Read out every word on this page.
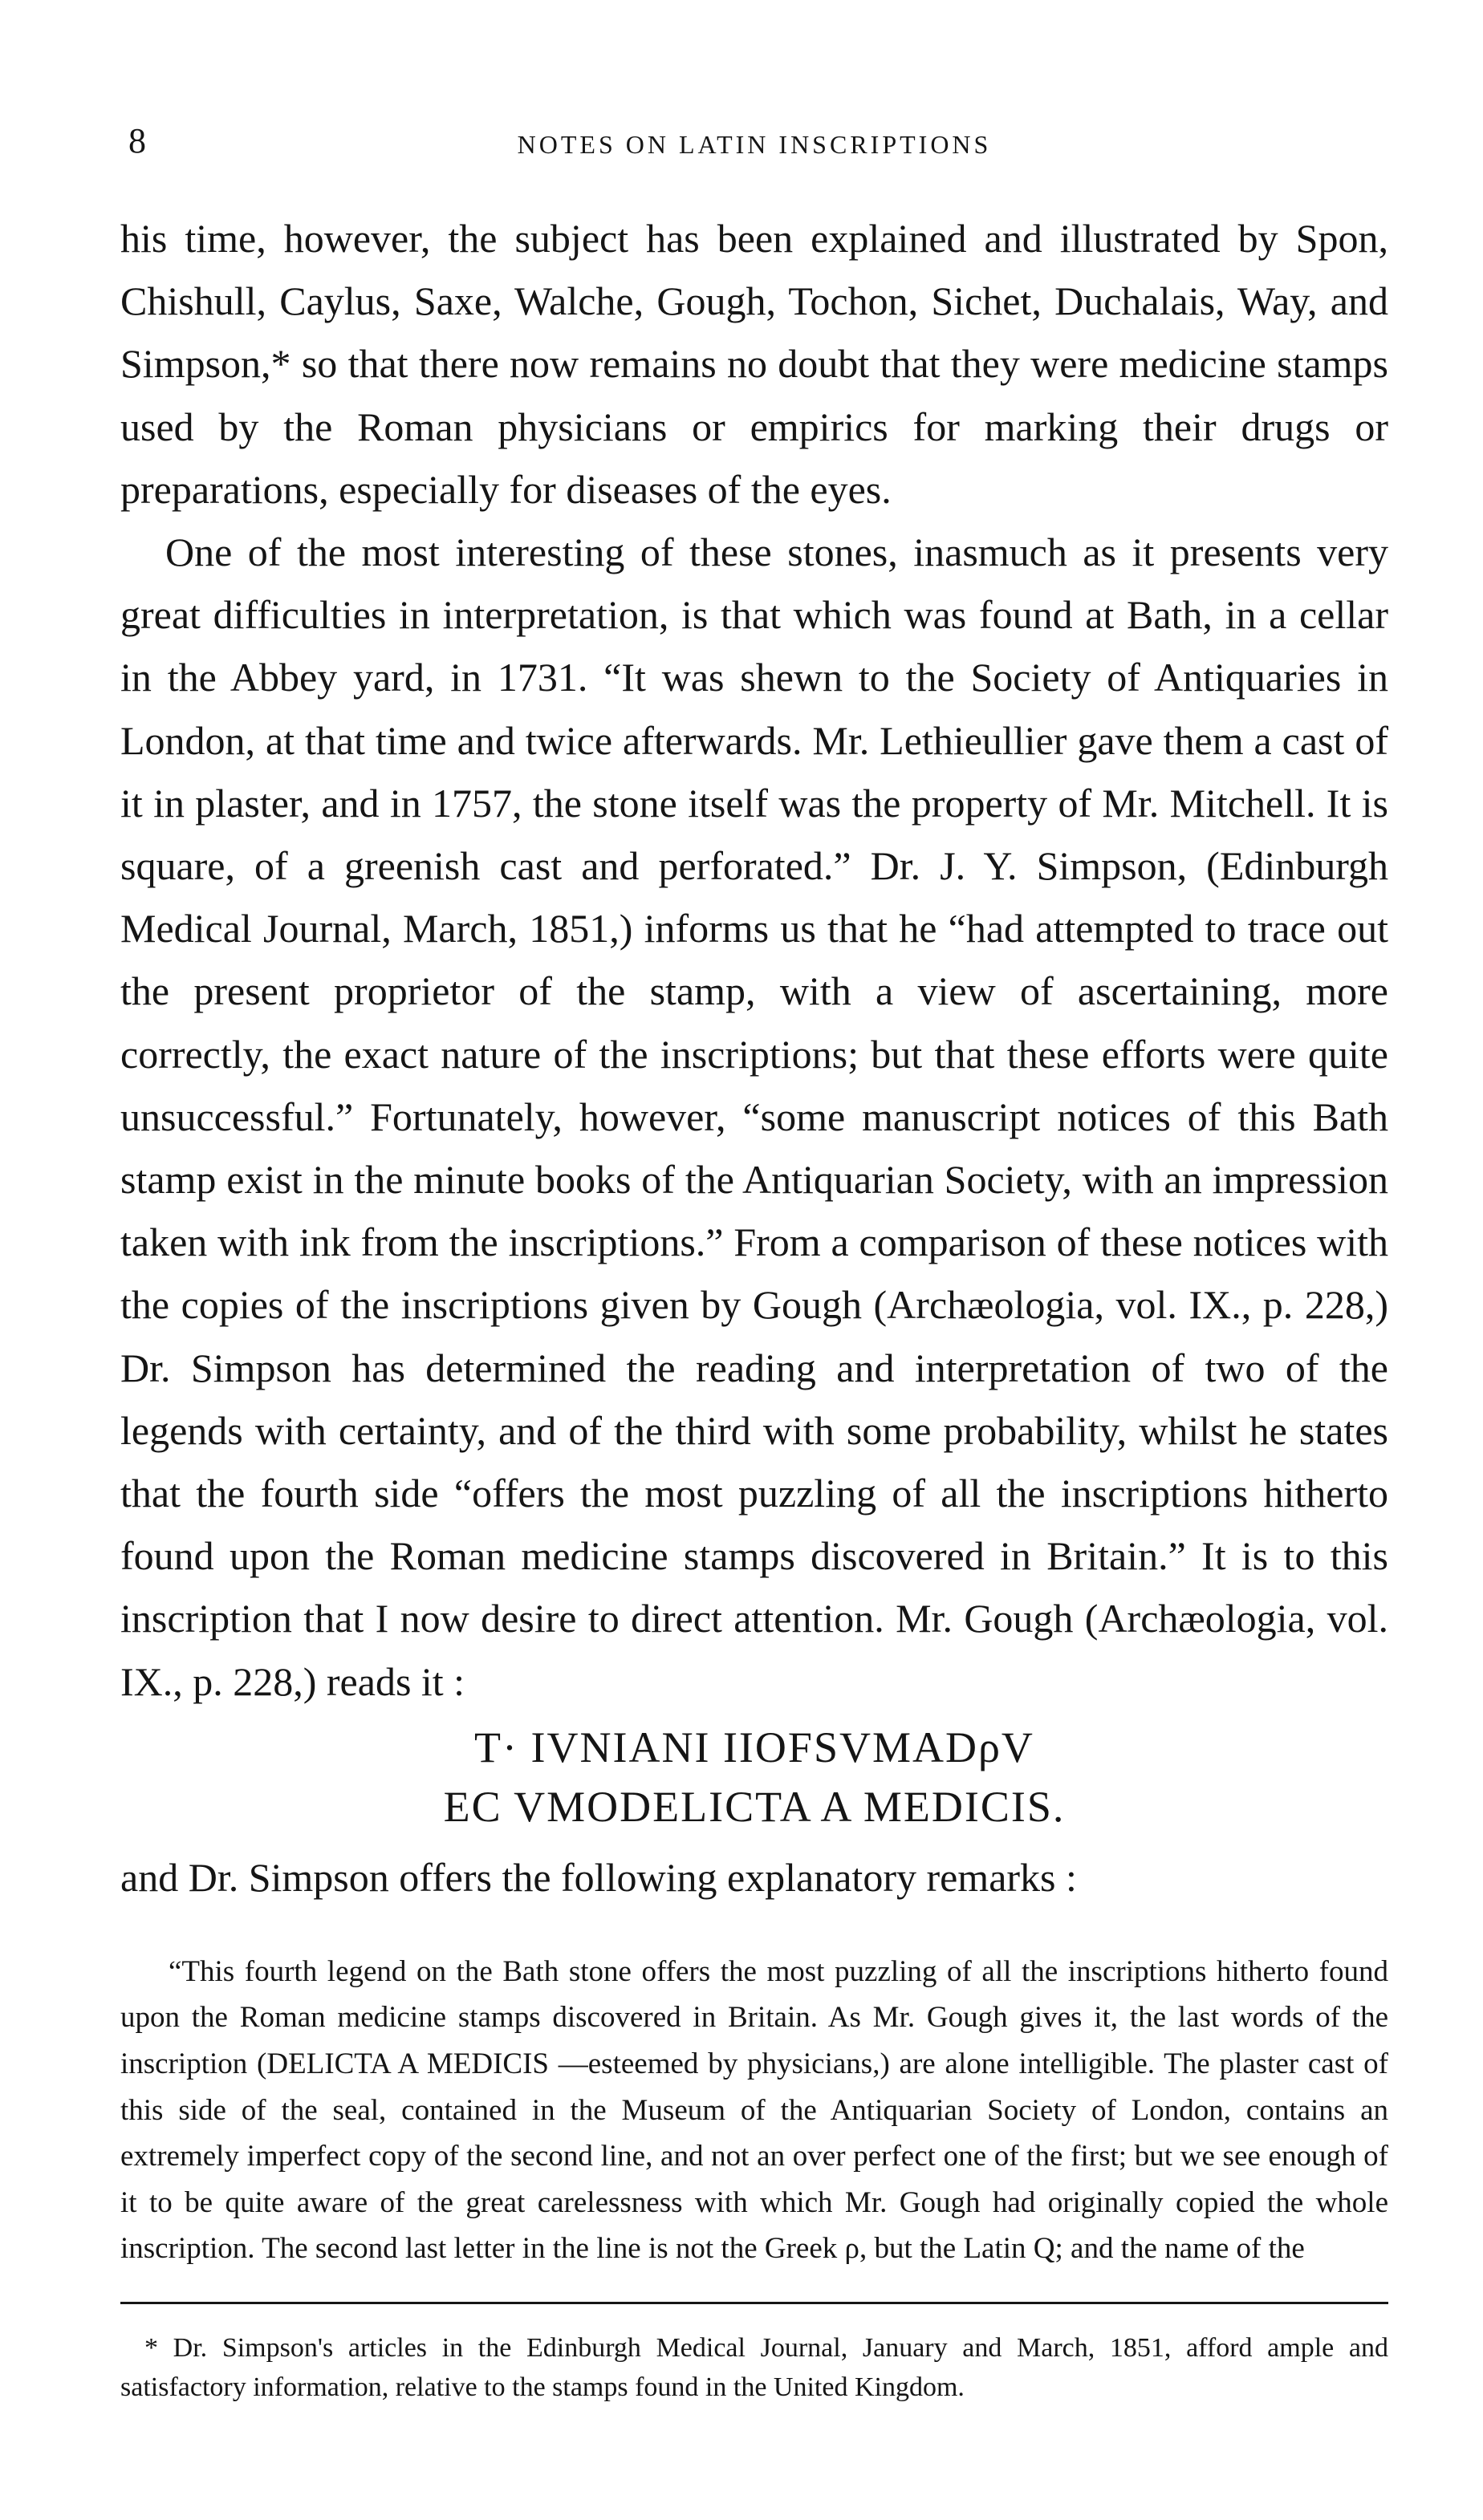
8	NOTES ON LATIN INSCRIPTIONS

his time, however, the subject has been explained and illustrated by Spon, Chishull, Caylus, Saxe, Walche, Gough, Tochon, Sichet, Duchalais, Way, and Simpson,* so that there now remains no doubt that they were medicine stamps used by the Roman physicians or empirics for marking their drugs or preparations, especially for diseases of the eyes.

One of the most interesting of these stones, inasmuch as it presents very great difficulties in interpretation, is that which was found at Bath, in a cellar in the Abbey yard, in 1731. “It was shewn to the Society of Antiquaries in London, at that time and twice afterwards. Mr. Lethieullier gave them a cast of it in plaster, and in 1757, the stone itself was the property of Mr. Mitchell. It is square, of a greenish cast and perforated.” Dr. J. Y. Simpson, (Edinburgh Medical Journal, March, 1851,) informs us that he “had attempted to trace out the present proprietor of the stamp, with a view of ascertaining, more correctly, the exact nature of the inscriptions; but that these efforts were quite unsuccessful.” Fortunately, however, “some manuscript notices of this Bath stamp exist in the minute books of the Antiquarian Society, with an impression taken with ink from the inscriptions.” From a comparison of these notices with the copies of the inscriptions given by Gough (Archæologia, vol. IX., p. 228,) Dr. Simpson has determined the reading and interpretation of two of the legends with certainty, and of the third with some probability, whilst he states that the fourth side “offers the most puzzling of all the inscriptions hitherto found upon the Roman medicine stamps discovered in Britain.” It is to this inscription that I now desire to direct attention. Mr. Gough (Archæologia, vol. IX., p. 228,) reads it :

T· IVNIANI IIOFSVMADρV
EC VMODELICTA A MEDICIS.

and Dr. Simpson offers the following explanatory remarks :

“This fourth legend on the Bath stone offers the most puzzling of all the inscriptions hitherto found upon the Roman medicine stamps discovered in Britain. As Mr. Gough gives it, the last words of the inscription (DELICTA A MEDICIS —esteemed by physicians,) are alone intelligible. The plaster cast of this side of the seal, contained in the Museum of the Antiquarian Society of London, contains an extremely imperfect copy of the second line, and not an over perfect one of the first; but we see enough of it to be quite aware of the great carelessness with which Mr. Gough had originally copied the whole inscription. The second last letter in the line is not the Greek ρ, but the Latin Q; and the name of the

* Dr. Simpson's articles in the Edinburgh Medical Journal, January and March, 1851, afford ample and satisfactory information, relative to the stamps found in the United Kingdom.
